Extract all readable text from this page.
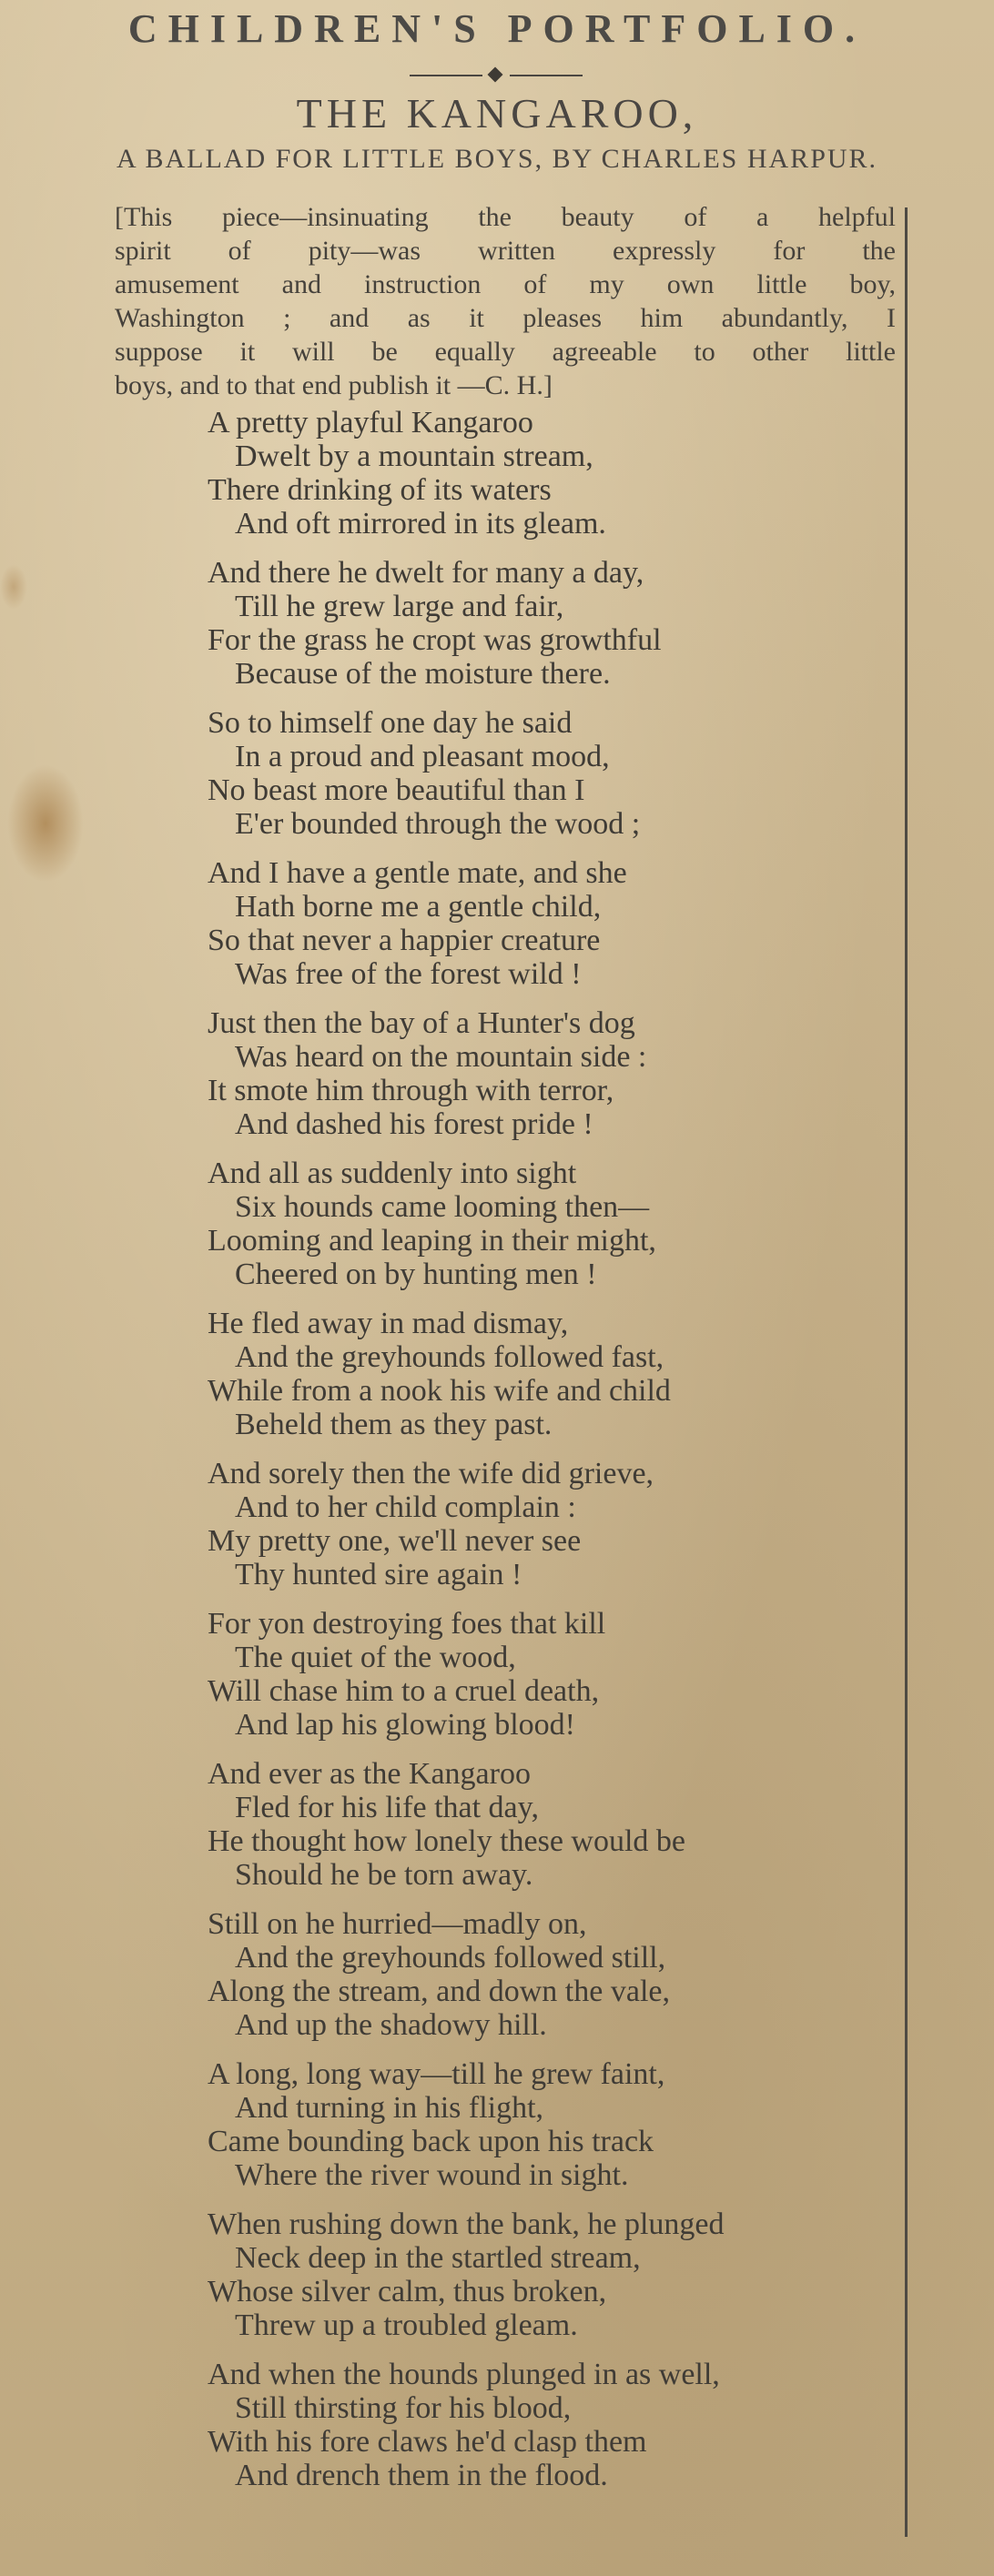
CHILDREN'S PORTFOLIO.
THE KANGAROO,
A BALLAD FOR LITTLE BOYS, BY CHARLES HARPUR.
[This piece—insinuating the beauty of a helpful
spirit of pity—was written expressly for the
amusement and instruction of my own little boy,
Washington ; and as it pleases him abundantly, I
suppose it will be equally agreeable to other little
boys, and to that end publish it —C. H.]
A pretty playful Kangaroo
Dwelt by a mountain stream,
There drinking of its waters
And oft mirrored in its gleam.
And there he dwelt for many a day,
Till he grew large and fair,
For the grass he cropt was growthful
Because of the moisture there.
So to himself one day he said
In a proud and pleasant mood,
No beast more beautiful than I
E'er bounded through the wood ;
And I have a gentle mate, and she
Hath borne me a gentle child,
So that never a happier creature
Was free of the forest wild !
Just then the bay of a Hunter's dog
Was heard on the mountain side :
It smote him through with terror,
And dashed his forest pride !
And all as suddenly into sight
Six hounds came looming then—
Looming and leaping in their might,
Cheered on by hunting men !
He fled away in mad dismay,
And the greyhounds followed fast,
While from a nook his wife and child
Beheld them as they past.
And sorely then the wife did grieve,
And to her child complain :
My pretty one, we'll never see
Thy hunted sire again !
For yon destroying foes that kill
The quiet of the wood,
Will chase him to a cruel death,
And lap his glowing blood!
And ever as the Kangaroo
Fled for his life that day,
He thought how lonely these would be
Should he be torn away.
Still on he hurried—madly on,
And the greyhounds followed still,
Along the stream, and down the vale,
And up the shadowy hill.
A long, long way—till he grew faint,
And turning in his flight,
Came bounding back upon his track
Where the river wound in sight.
When rushing down the bank, he plunged
Neck deep in the startled stream,
Whose silver calm, thus broken,
Threw up a troubled gleam.
And when the hounds plunged in as well,
Still thirsting for his blood,
With his fore claws he'd clasp them
And drench them in the flood.
